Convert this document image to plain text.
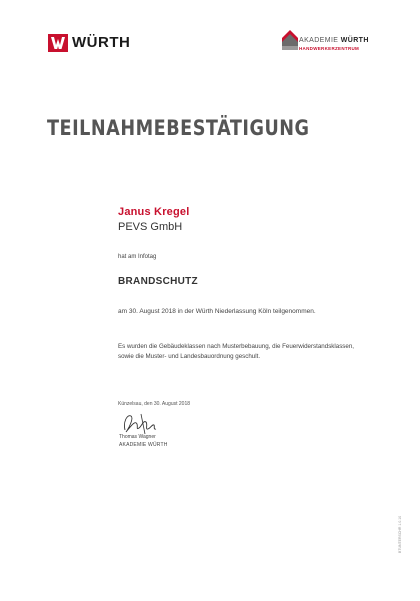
WÜRTH	AKADEMIE WÜRTH
HANDWERKERZENTRUM
TEILNAHMEBESTÄTIGUNG
Janus Kregel
PEVS GmbH
hat am Infotag
BRANDSCHUTZ
am 30. August 2018 in der Würth Niederlassung Köln teilgenommen.
Es wurden die Gebäudeklassen nach Musterbebauung, die Feuerwiderstandsklassen, sowie die Muster- und Landesbauordnung geschult.
Künzelsau, den 30. August 2018
Thomas Wagner
AKADEMIE WÜRTH
BTUNTERSCHR 1.0.10
